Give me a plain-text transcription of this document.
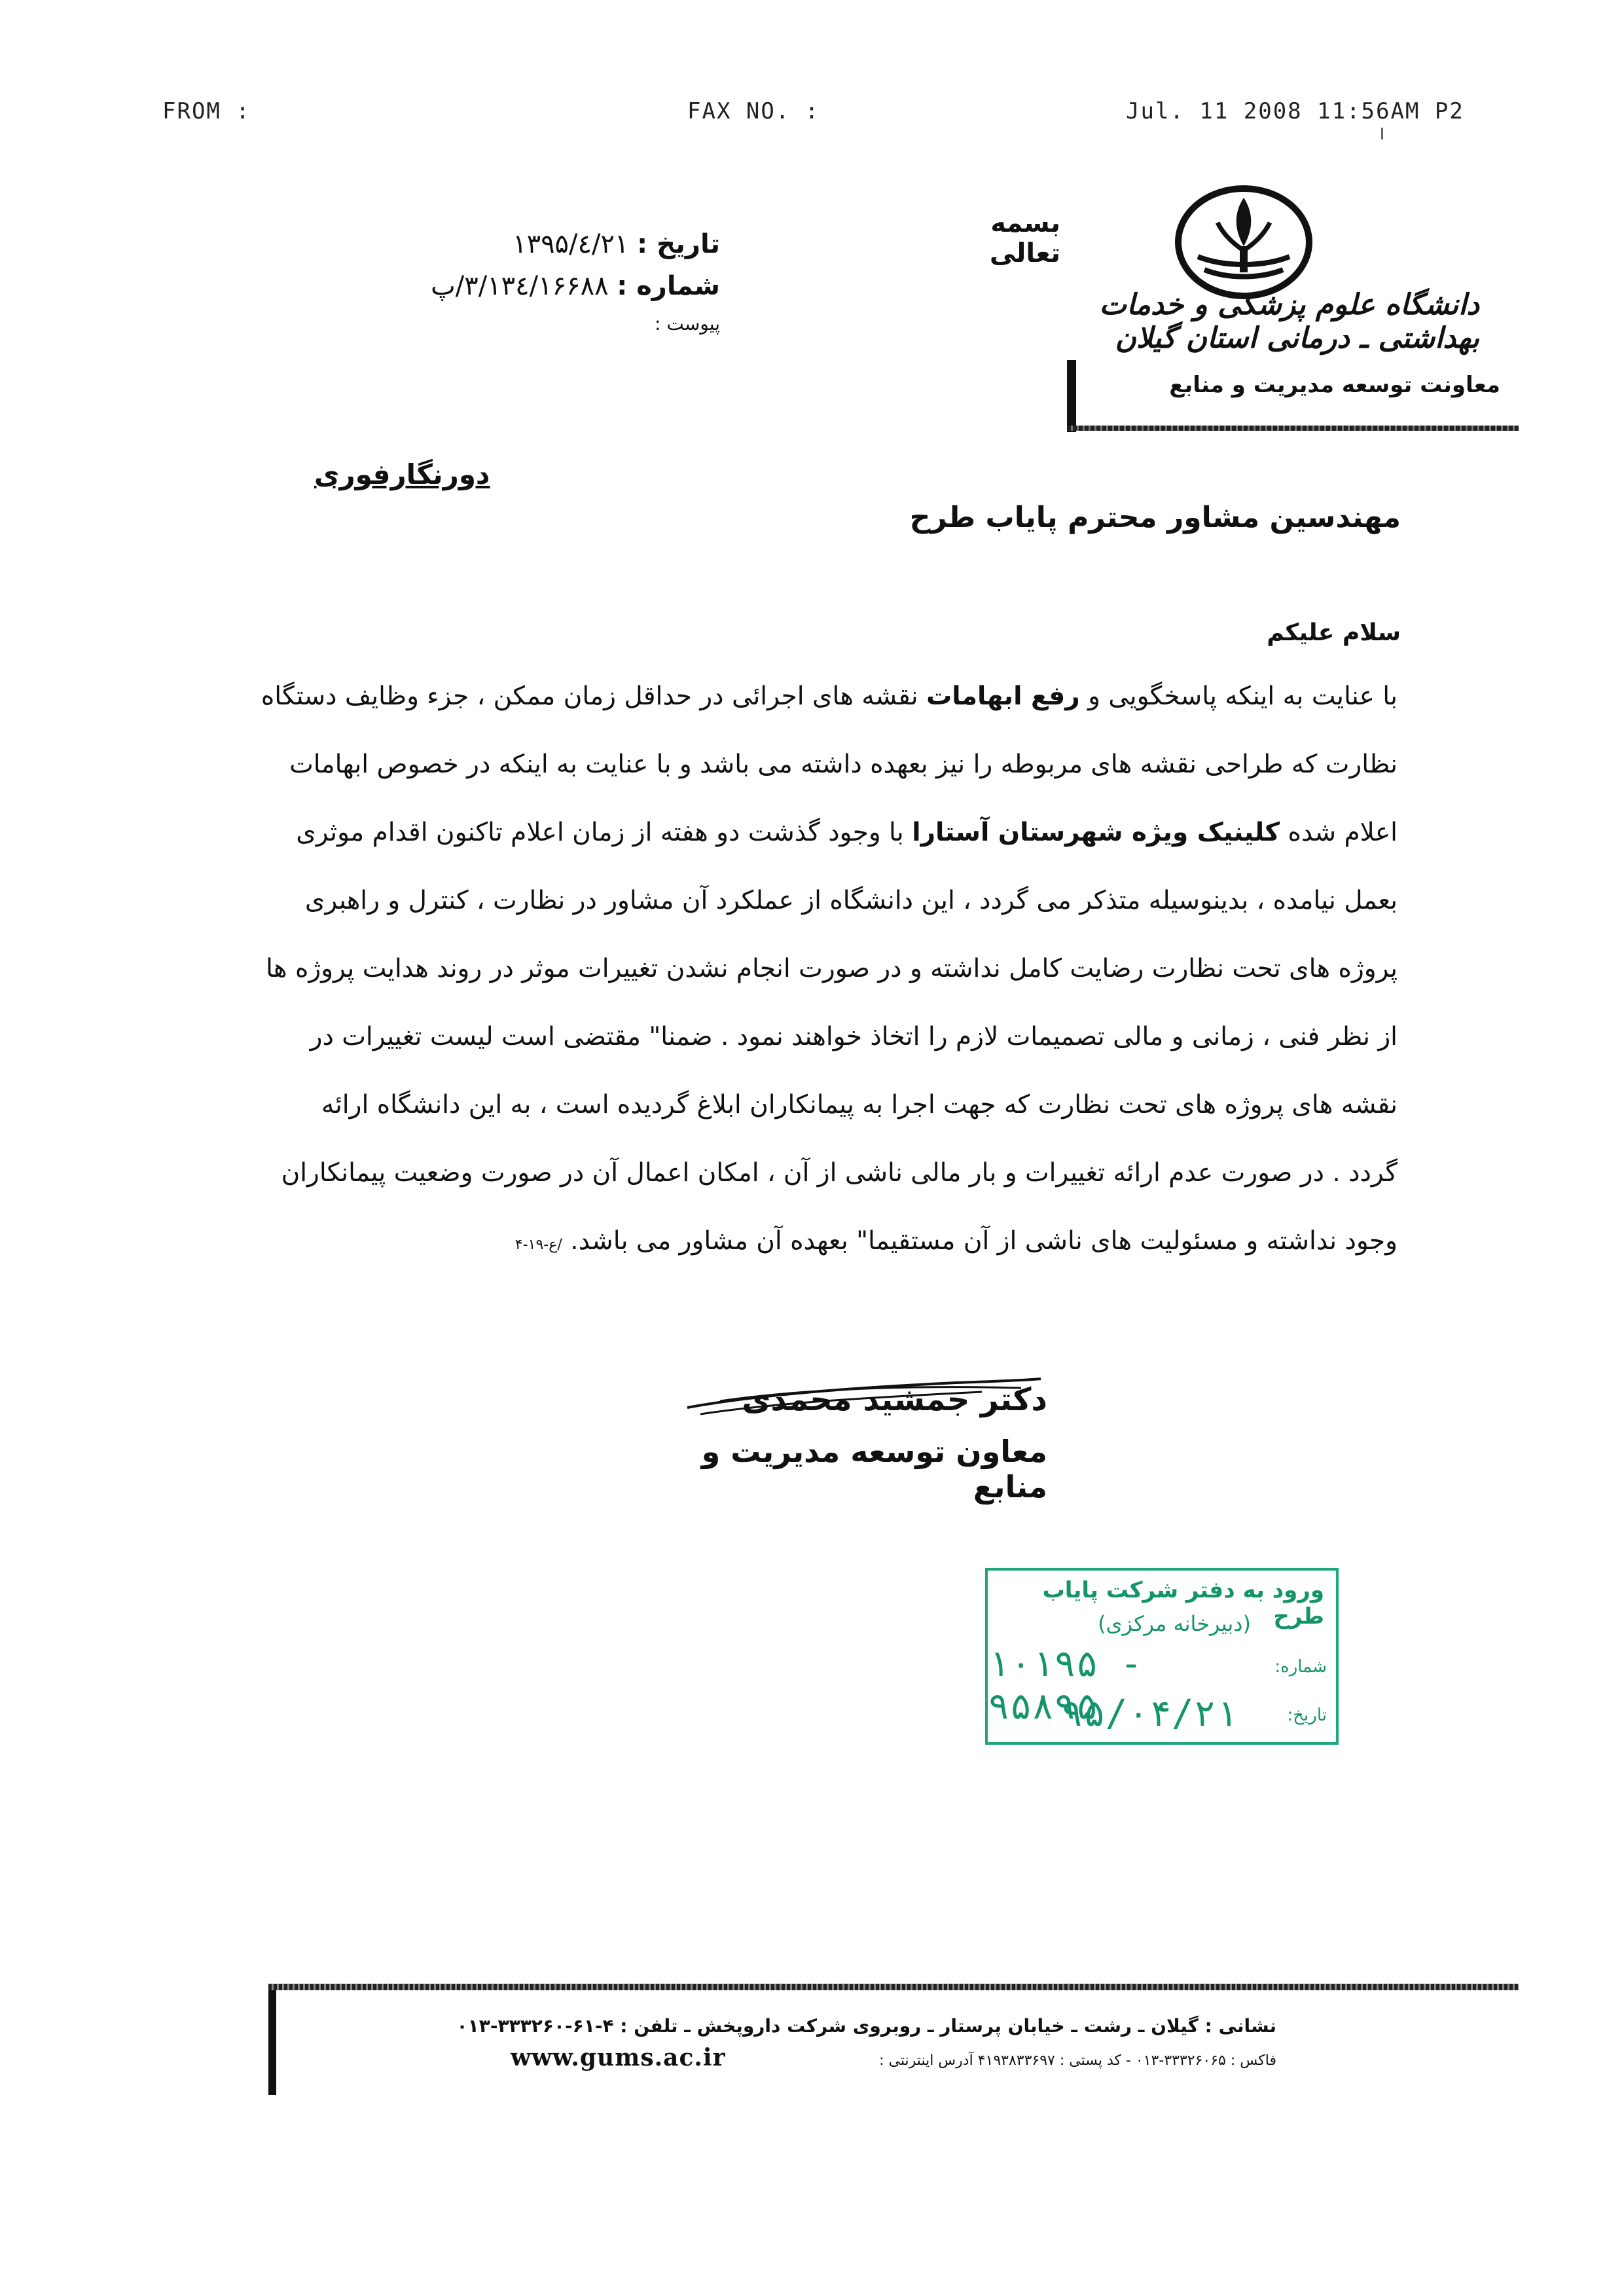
FROM :	FAX NO. :	Jul. 11 2008 11:56AM P2
بسمه تعالی
دانشگاه علوم پزشکی و خدمات بهداشتی ـ درمانی استان گیلان
معاونت توسعه مدیریت و منابع
تاریخ : ۱۳۹۵/٤/۲۱
شماره : ۳/۱۳٤/۱۶۶۸۸/پ
پیوست :
دورنگارفوری
مهندسین مشاور محترم پایاب طرح
سلام علیکم
با عنایت به اینکه پاسخگویی و رفع ابهامات نقشه های اجرائی در حداقل زمان ممکن ، جزء وظایف دستگاه
نظارت که طراحی نقشه های مربوطه را نیز بعهده داشته می باشد و با عنایت به اینکه در خصوص ابهامات
اعلام شده کلینیک ویژه شهرستان آستارا با وجود گذشت دو هفته از زمان اعلام تاکنون اقدام موثری
بعمل نیامده ، بدینوسیله متذکر می گردد ، این دانشگاه از عملکرد آن مشاور در نظارت ، کنترل و راهبری
پروژه های تحت نظارت رضایت کامل نداشته و در صورت انجام نشدن تغییرات موثر در روند هدایت پروژه ها
از نظر فنی ، زمانی و مالی تصمیمات لازم را اتخاذ خواهند نمود . ضمنا" مقتضی است لیست تغییرات در
نقشه های پروژه های تحت نظارت که جهت اجرا به پیمانکاران ابلاغ گردیده است ، به این دانشگاه ارائه
گردد . در صورت عدم ارائه تغییرات و بار مالی ناشی از آن ، امکان اعمال آن در صورت وضعیت پیمانکاران
وجود نداشته و مسئولیت های ناشی از آن مستقیما" بعهده آن مشاور می باشد. /ع-۱۹-۴
دکتر جمشید محمدی
معاون توسعه مدیریت و منابع
ورود به دفتر شرکت پایاب طرح
(دبیرخانه مرکزی)
شماره:
۱۰۱۹۵ - ۹۵۸۹۵	تاریخ:
۹۵/۰۴/۲۱
نشانی : گیلان ـ رشت ـ خیابان پرستار ـ روبروی شرکت داروپخش ـ تلفن : ۴-۶۱-۳۳۳۲۶۰-۰۱۳
فاکس : ۳۳۳۲۶۰۶۵-۰۱۳ - کد پستی : ۴۱۹۳۸۳۳۶۹۷ آدرس اینترنتی :
www.gums.ac.ir
